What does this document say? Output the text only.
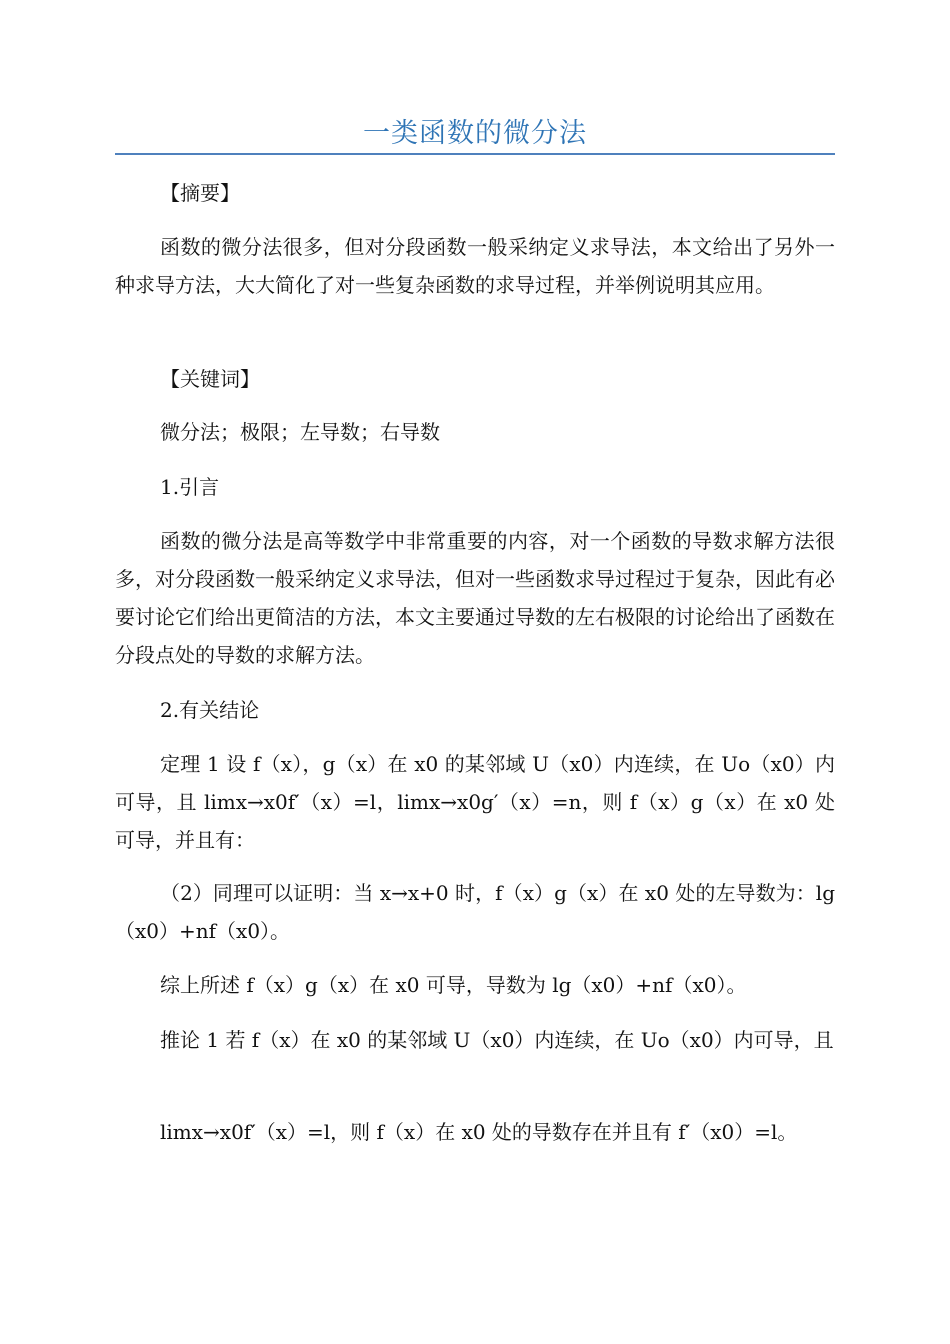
一类函数的微分法

【摘要】

函数的微分法很多，但对分段函数一般采纳定义求导法，本文给出了另外一种求导方法，大大简化了对一些复杂函数的求导过程，并举例说明其应用。

【关键词】

微分法；极限；左导数；右导数

1.引言

函数的微分法是高等数学中非常重要的内容，对一个函数的导数求解方法很多，对分段函数一般采纳定义求导法，但对一些函数求导过程过于复杂，因此有必要讨论它们给出更简洁的方法，本文主要通过导数的左右极限的讨论给出了函数在分段点处的导数的求解方法。

2.有关结论

定理 1 设 f（x），g（x）在 x0 的某邻域 U（x0）内连续，在 Uo（x0）内可导，且 limx→x0f′（x）=l，limx→x0g′（x）=n，则 f（x）g（x）在 x0 处可导，并且有：

（2）同理可以证明：当 x→x+0 时，f（x）g（x）在 x0 处的左导数为：lg（x0）+nf（x0）。

综上所述 f（x）g（x）在 x0 可导，导数为 lg（x0）+nf（x0）。

推论 1 若 f（x）在 x0 的某邻域 U（x0）内连续，在 Uo（x0）内可导，且

limx→x0f′（x）=l，则 f（x）在 x0 处的导数存在并且有 f′（x0）=l。
